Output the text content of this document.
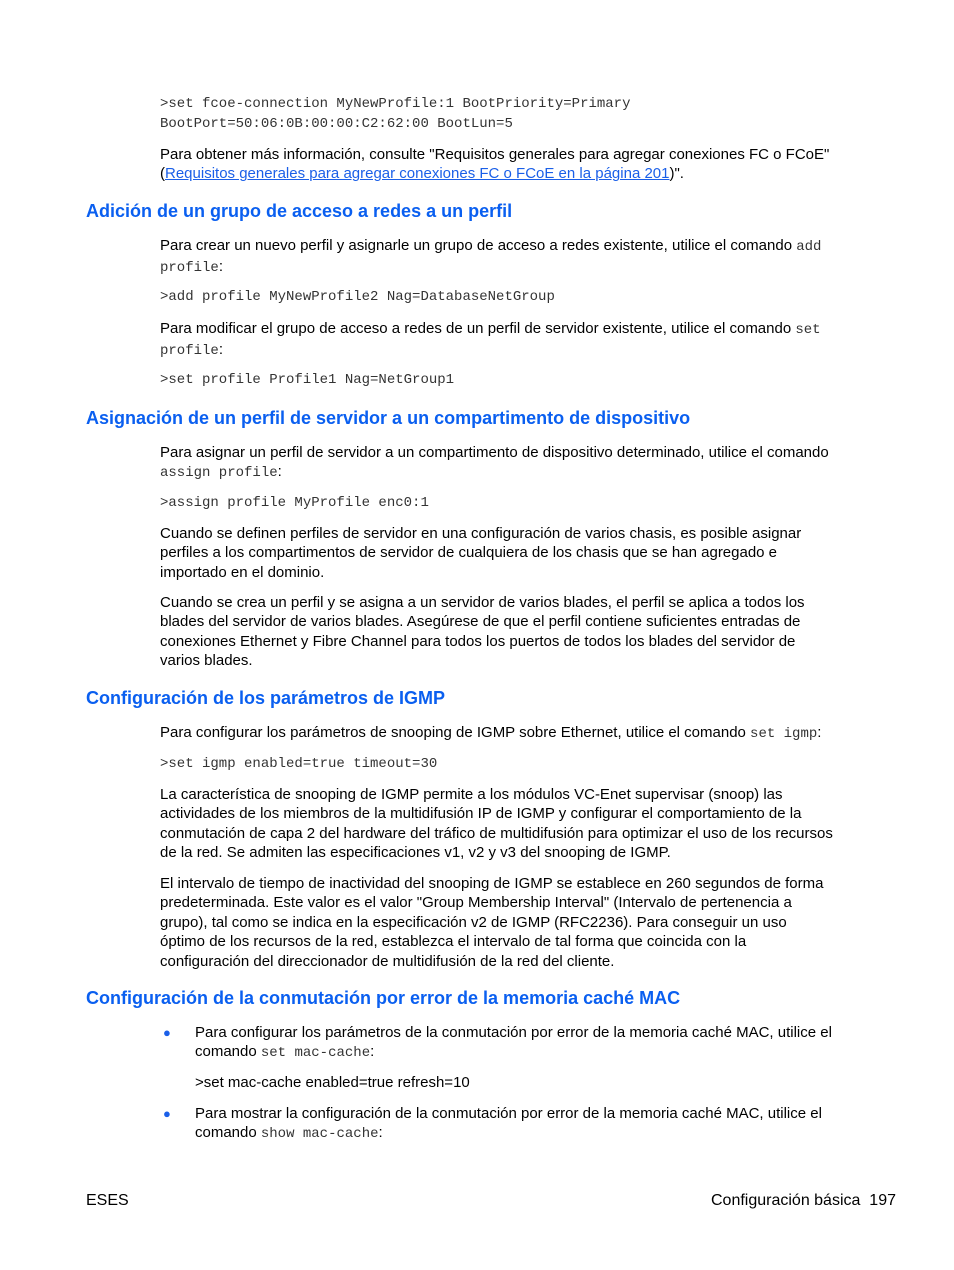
>set fcoe-connection MyNewProfile:1 BootPriority=Primary
BootPort=50:06:0B:00:00:C2:62:00 BootLun=5
Para obtener más información, consulte "Requisitos generales para agregar conexiones FC o FCoE" (Requisitos generales para agregar conexiones FC o FCoE en la página 201)".
Adición de un grupo de acceso a redes a un perfil
Para crear un nuevo perfil y asignarle un grupo de acceso a redes existente, utilice el comando add
profile:
>add profile MyNewProfile2 Nag=DatabaseNetGroup
Para modificar el grupo de acceso a redes de un perfil de servidor existente, utilice el comando set
profile:
>set profile Profile1 Nag=NetGroup1
Asignación de un perfil de servidor a un compartimento de dispositivo
Para asignar un perfil de servidor a un compartimento de dispositivo determinado, utilice el comando
assign profile:
>assign profile MyProfile enc0:1
Cuando se definen perfiles de servidor en una configuración de varios chasis, es posible asignar
perfiles a los compartimentos de servidor de cualquiera de los chasis que se han agregado e
importado en el dominio.
Cuando se crea un perfil y se asigna a un servidor de varios blades, el perfil se aplica a todos los
blades del servidor de varios blades. Asegúrese de que el perfil contiene suficientes entradas de
conexiones Ethernet y Fibre Channel para todos los puertos de todos los blades del servidor de
varios blades.
Configuración de los parámetros de IGMP
Para configurar los parámetros de snooping de IGMP sobre Ethernet, utilice el comando set igmp:
>set igmp enabled=true timeout=30
La característica de snooping de IGMP permite a los módulos VC-Enet supervisar (snoop) las
actividades de los miembros de la multidifusión IP de IGMP y configurar el comportamiento de la
conmutación de capa 2 del hardware del tráfico de multidifusión para optimizar el uso de los recursos
de la red. Se admiten las especificaciones v1, v2 y v3 del snooping de IGMP.
El intervalo de tiempo de inactividad del snooping de IGMP se establece en 260 segundos de forma
predeterminada. Este valor es el valor "Group Membership Interval" (Intervalo de pertenencia a
grupo), tal como se indica en la especificación v2 de IGMP (RFC2236). Para conseguir un uso
óptimo de los recursos de la red, establezca el intervalo de tal forma que coincida con la
configuración del direccionador de multidifusión de la red del cliente.
Configuración de la conmutación por error de la memoria caché MAC
● Para configurar los parámetros de la conmutación por error de la memoria caché MAC, utilice el
comando set mac-cache:
>set mac-cache enabled=true refresh=10
● Para mostrar la configuración de la conmutación por error de la memoria caché MAC, utilice el
comando show mac-cache:
ESES	Configuración básica 197
